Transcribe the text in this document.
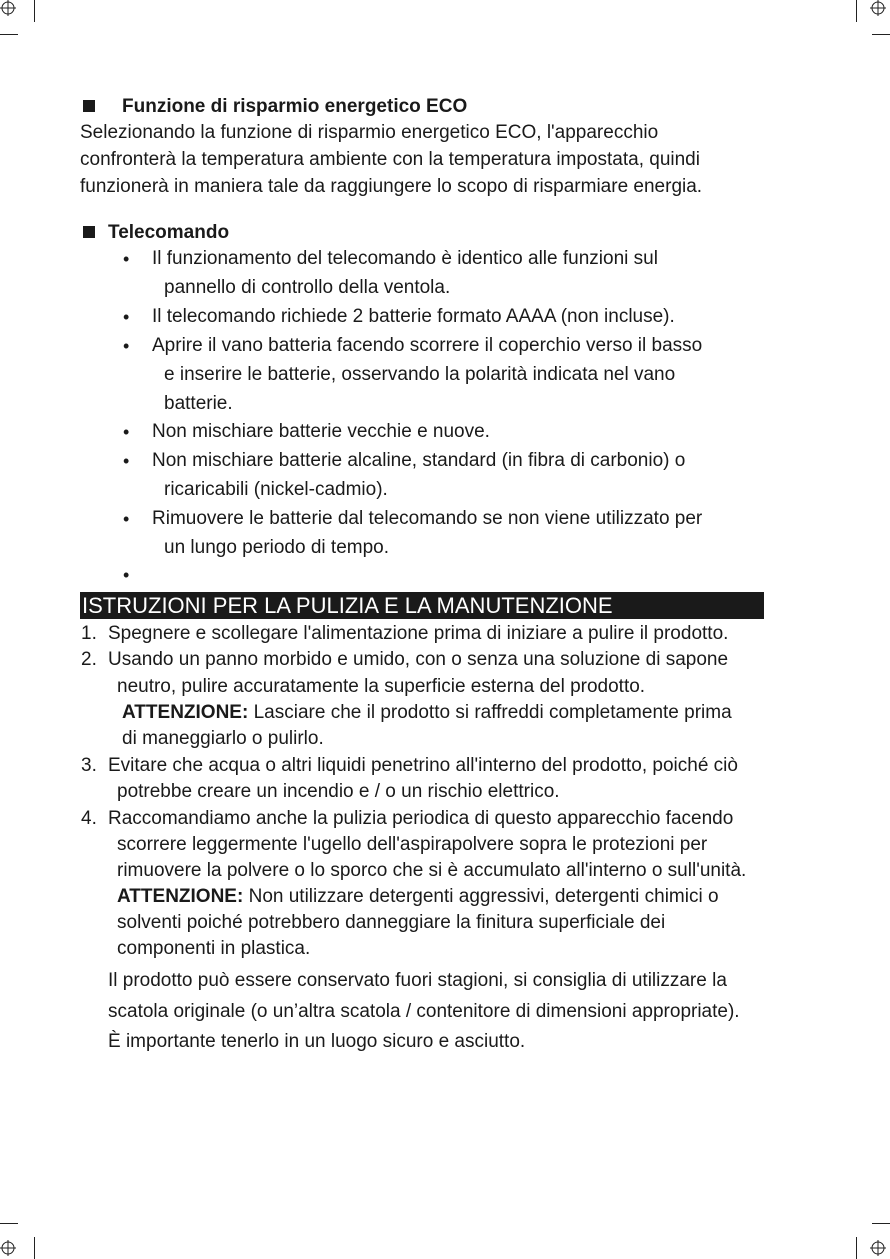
Funzione di risparmio energetico ECO
Selezionando la funzione di risparmio energetico ECO, l'apparecchio
confronterà la temperatura ambiente con la temperatura impostata, quindi
funzionerà in maniera tale da raggiungere lo scopo di risparmiare energia.
Telecomando
• Il funzionamento del telecomando è identico alle funzioni sul
pannello di controllo della ventola.
• Il telecomando richiede 2 batterie formato AAAA (non incluse).
• Aprire il vano batteria facendo scorrere il coperchio verso il basso
e inserire le batterie, osservando la polarità indicata nel vano
batterie.
• Non mischiare batterie vecchie e nuove.
• Non mischiare batterie alcaline, standard (in fibra di carbonio) o
ricaricabili (nickel-cadmio).
• Rimuovere le batterie dal telecomando se non viene utilizzato per
un lungo periodo di tempo.
•
ISTRUZIONI PER LA PULIZIA E LA MANUTENZIONE
1. Spegnere e scollegare l'alimentazione prima di iniziare a pulire il prodotto.
2. Usando un panno morbido e umido, con o senza una soluzione di sapone
neutro, pulire accuratamente la superficie esterna del prodotto.
ATTENZIONE: Lasciare che il prodotto si raffreddi completamente prima
di maneggiarlo o pulirlo.
3. Evitare che acqua o altri liquidi penetrino all'interno del prodotto, poiché ciò
potrebbe creare un incendio e / o un rischio elettrico.
4. Raccomandiamo anche la pulizia periodica di questo apparecchio facendo
scorrere leggermente l'ugello dell'aspirapolvere sopra le protezioni per
rimuovere la polvere o lo sporco che si è accumulato all'interno o sull'unità.
ATTENZIONE: Non utilizzare detergenti aggressivi, detergenti chimici o
solventi poiché potrebbero danneggiare la finitura superficiale dei
componenti in plastica.
Il prodotto può essere conservato fuori stagioni, si consiglia di utilizzare la
scatola originale (o un’altra scatola / contenitore di dimensioni appropriate).
È importante tenerlo in un luogo sicuro e asciutto.
